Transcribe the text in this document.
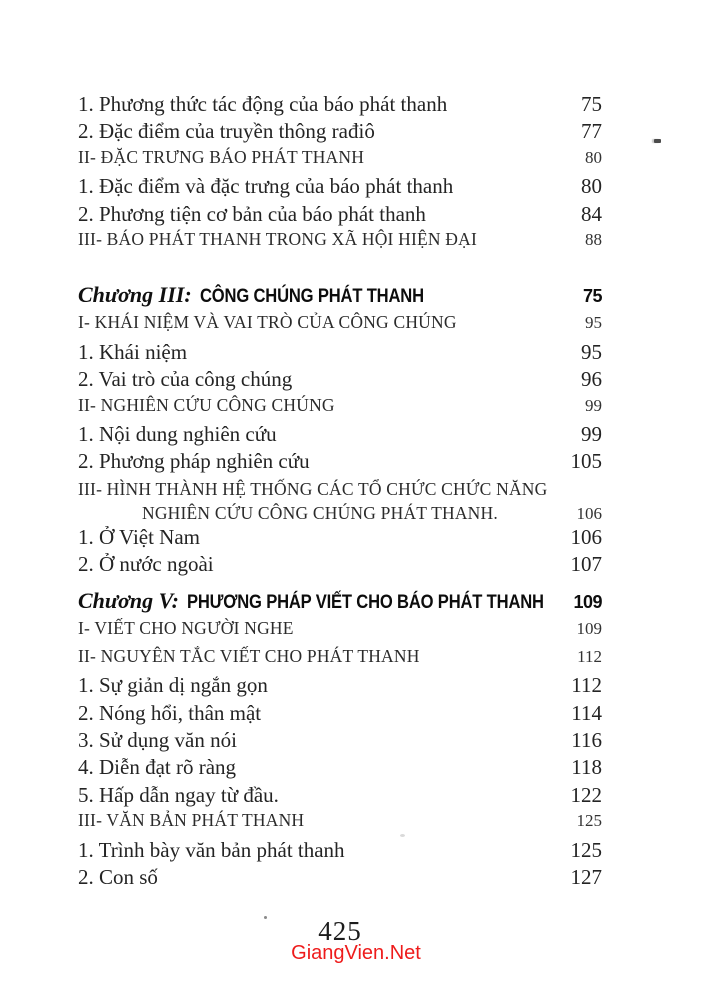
1. Phương thức tác động của báo phát thanh	75
2. Đặc điểm của truyền thông rađiô	77
II- ĐẶC TRƯNG BÁO PHÁT THANH	80
1. Đặc điểm và đặc trưng của báo phát thanh	80
2. Phương tiện cơ bản của báo phát thanh	84
III- BÁO PHÁT THANH TRONG XÃ HỘI HIỆN ĐẠI	88
Chương III: CÔNG CHÚNG PHÁT THANH	75
I- KHÁI NIỆM VÀ VAI TRÒ CỦA CÔNG CHÚNG	95
1. Khái niệm	95
2. Vai trò của công chúng	96
II- NGHIÊN CỨU CÔNG CHÚNG	99
1. Nội dung nghiên cứu	99
2. Phương pháp nghiên cứu	105
III- HÌNH THÀNH HỆ THỐNG CÁC TỔ CHỨC CHỨC NĂNG
NGHIÊN CỨU CÔNG CHÚNG PHÁT THANH.	106
1. Ở Việt Nam	106
2. Ở nước ngoài	107
Chương V: PHƯƠNG PHÁP VIẾT CHO BÁO PHÁT THANH	109
I- VIẾT CHO NGƯỜI NGHE	109
II- NGUYÊN TẮC VIẾT CHO PHÁT THANH	112
1. Sự giản dị ngắn gọn	112
2. Nóng hổi, thân mật	114
3. Sử dụng văn nói	116
4. Diễn đạt rõ ràng	118
5. Hấp dẫn ngay từ đầu.	122
III- VĂN BẢN PHÁT THANH	125
1. Trình bày văn bản phát thanh	125
2. Con số	127
425
GiangVien.Net
